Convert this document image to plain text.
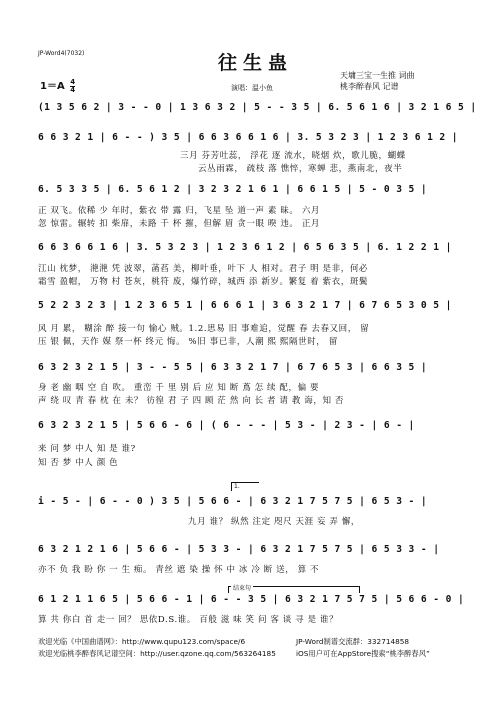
JP-Word4(7032)	往生蛊
天墉三宝一生推 词曲
桃李醉春风 记谱
$1=A \frac{4}{4}$	演唱：温小鱼
(1 3 5 6 2 | 3 - - 0 | 1 3 6 3 2 | 5 - - 3 5 | 6. 5 6 1 6 | 3 2 1 6 5 |
6 6 3 2 1 | 6 - - ) 3 5 | 6 6 3 6 6 1 6 | 3. 5 3 2 3 | 1 2 3 6 1 2 |
三月 芬芳吐蕊， 浮花 逐 流水，晓烟 炊，歌儿脆，蝴蝶
云丛雨霖， 疏枝 落 憔悴，寒蝉 悲，燕南北，夜半
6. 5 3 3 5 | 6. 5 6 1 2 | 3 2 3 2 1 6 1 | 6 6 1 5 | 5 - 0 3 5 |
正 双飞。依稀 少 年时，紫衣 带 露 归，飞星 坠 道一声 素 昧。 六月
忽 惊雷。辗转 扣 柴扉，未路 千 杯 摧，但解 眉 贪一眼 暌 违。 正月
6 6 3 6 6 1 6 | 3. 5 3 2 3 | 1 2 3 6 1 2 | 6 5 6 3 5 | 6. 1 2 2 1 |
江山 枕梦， 滟滟 凭 波翠，菡萏 美，柳叶垂，叶下 人 相对。君子 明 是非，何必
霜雪 盈帽， 万物 村 苍灰，桃符 废，爆竹碎，城西 添 新岁。繁复 着 紫衣，斑鬓
5 2 2 3 2 3 | 1 2 3 6 5 1 | 6 6 6 1 | 3 6 3 2 1 7 | 6 7 6 5 3 0 5 |
风 月 累， 糊涂 醉 接一句 愉心 贼。1.2.思易 旧 事难追，觉醒 春 去春又回， 留
压 银 佩，天作 媒 祭一杯 终元 悔。 %旧 事已非，人潮 熙 熙隔世时， 留
6 3 2 3 2 1 5 | 3 - - 5 5 | 6 3 3 2 1 7 | 6 7 6 5 3 | 6 6 3 5 |
身 老 幽 咽 空 自 吹。 重峦 千 里 别 后 应 知 断 蔦 怎 续 配，偏 要
声 绕 叹 青 春 枕 在 未？ 彷徨 君 子 四 顾 茫 然 向 长 者 请 教 诲，知 否
6 3 2 3 2 1 5 | 5 6 6 - 6 | ( 6 - - - | 5 3 - | 2 3 - | 6 - |
来 问 梦 中人 知 是 谁?
知 否 梦 中人 颜 色
1.
i - 5 - | 6 - - 0 ) 3 5 | 5 6 6 - | 6 3 2 1 7 5 7 5 | 6 5 3 - |
九月 谁？ 纵然 注定 咫尺 天涯 妄 弄 懈，
6 3 2 1 2 1 6 | 5 6 6 - | 5 3 3 - | 6 3 2 1 7 5 7 5 | 6 5 3 3 - |
亦不 负 我 盼 你 一 生 痴。 青丝 遮 染 操 怀 中 冰 冷 断 送， 算 不
结束句
6 1 2 1 1 6 5 | 5 6 6 - 1 | 6 - - 3 5 | 6 3 2 1 7 5 7 5 | 5 6 6 - 0 |
算 共 你白 首 走一 回？ 思依D.S.谁。 百般 滋 味 笑 问 客 谈 寻 是 谁？
欢迎光临《中国曲谱网》：http://www.qupu123.com/space/6	JP-Word制谱交流群：332714858
欢迎光临桃李醉春风记谱空间：http://user.qzone.qq.com/563264185	iOS用户可在AppStore搜索“桃李醉春风”
